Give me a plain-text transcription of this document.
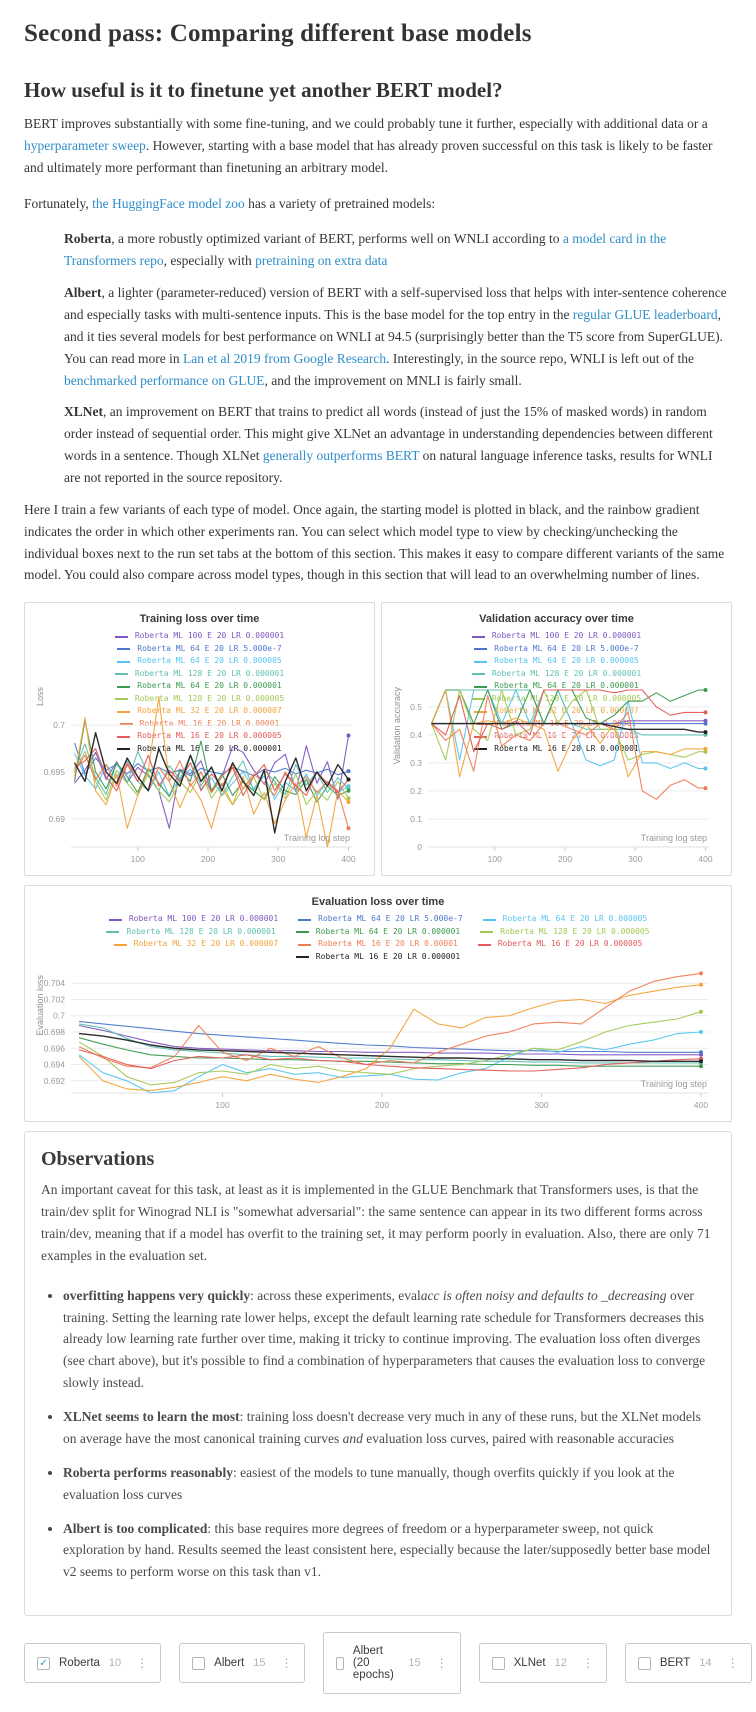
Second pass: Comparing different base models
How useful is it to finetune yet another BERT model?

BERT improves substantially with some fine-tuning, and we could probably tune it further, especially with additional data or a hyperparameter sweep. However, starting with a base model that has already proven successful on this task is likely to be faster and ultimately more performant than finetuning an arbitrary model.

Fortunately, the HuggingFace model zoo has a variety of pretrained models:

Roberta, a more robustly optimized variant of BERT, performs well on WNLI according to a model card in the Transformers repo, especially with pretraining on extra data
Albert, a lighter (parameter-reduced) version of BERT with a self-supervised loss that helps with inter-sentence coherence and especially tasks with multi-sentence inputs. This is the base model for the top entry in the regular GLUE leaderboard, and it ties several models for best performance on WNLI at 94.5 (surprisingly better than the T5 score from SuperGLUE). You can read more in Lan et al 2019 from Google Research. Interestingly, in the source repo, WNLI is left out of the benchmarked performance on GLUE, and the improvement on MNLI is fairly small.
XLNet, an improvement on BERT that trains to predict all words (instead of just the 15% of masked words) in random order instead of sequential order. This might give XLNet an advantage in understanding dependencies between different words in a sentence. Though XLNet generally outperforms BERT on natural language inference tasks, results for WNLI are not reported in the source repository.

Here I train a few variants of each type of model. Once again, the starting model is plotted in black, and the rainbow gradient indicates the order in which other experiments ran. You can select which model type to view by checking/unchecking the individual boxes next to the run set tabs at the bottom of this section. This makes it easy to compare different variants of the same model. You could also compare across model types, though in this section that will lead to an overwhelming number of lines.

Training loss over time
Roberta ML 100 E 20 LR 0.000001
Roberta ML 64 E 20 LR 5.000e-7
Roberta ML 64 E 20 LR 0.000005
Roberta ML 128 E 20 LR 0.000001
Roberta ML 64 E 20 LR 0.000001
Roberta ML 128 E 20 LR 0.000005
Roberta ML 32 E 20 LR 0.000007
Roberta ML 16 E 20 LR 0.00001
Roberta ML 16 E 20 LR 0.000005
Roberta ML 16 E 20 LR 0.000001
0.69
0.695
0.7
100	200	300	400
Training log step
Loss
Validation accuracy over time
Roberta ML 100 E 20 LR 0.000001
Roberta ML 64 E 20 LR 5.000e-7
Roberta ML 64 E 20 LR 0.000005
Roberta ML 128 E 20 LR 0.000001
Roberta ML 64 E 20 LR 0.000001
Roberta ML 128 E 20 LR 0.000005
Roberta ML 32 E 20 LR 0.000007
Roberta ML 16 E 20 LR 0.00001
Roberta ML 16 E 20 LR 0.000005
Roberta ML 16 E 20 LR 0.000001
0
0.1
0.2
0.3
0.4
0.5
100	200	300	400
Training log step
Validation accuracy
Evaluation loss over time
Roberta ML 100 E 20 LR 0.000001	Roberta ML 64 E 20 LR 5.000e-7	Roberta ML 64 E 20 LR 0.000005
Roberta ML 128 E 20 LR 0.000001	Roberta ML 64 E 20 LR 0.000001	Roberta ML 128 E 20 LR 0.000005
Roberta ML 32 E 20 LR 0.000007	Roberta ML 16 E 20 LR 0.00001	Roberta ML 16 E 20 LR 0.000005
Roberta ML 16 E 20 LR 0.000001
0.692
0.694
0.696
0.698
0.7
0.702
0.704
100	200	300	400
Training log step
Evaluation loss
Observations

An important caveat for this task, at least as it is implemented in the GLUE Benchmark that Transformers uses, is that the train/dev split for Winograd NLI is "somewhat adversarial": the same sentence can appear in its two different forms across train/dev, meaning that if a model has overfit to the training set, it may perform poorly in evaluation. Also, there are only 71 examples in the evaluation set.

• overfitting happens very quickly: across these experiments, evalacc is often noisy and defaults to _decreasing over training. Setting the learning rate lower helps, except the default learning rate schedule for Transformers decreases this already low learning rate further over time, making it tricky to continue improving. The evaluation loss often diverges (see chart above), but it's possible to find a combination of hyperparameters that causes the evaluation loss to converge slowly instead.
• XLNet seems to learn the most: training loss doesn't decrease very much in any of these runs, but the XLNet models on average have the most canonical training curves and evaluation loss curves, paired with reasonable accuracies
• Roberta performs reasonably: easiest of the models to tune manually, though overfits quickly if you look at the evaluation loss curves
• Albert is too complicated: this base requires more degrees of freedom or a hyperparameter sweep, not quick exploration by hand. Results seemed the least consistent here, especially because the later/supposedly better base model v2 seems to perform worse on this task than v1.
✓ Roberta 10 ⋮	Albert 15 ⋮
Albert (20 epochs)
15 ⋮	XLNet 12 ⋮	BERT 14 ⋮
